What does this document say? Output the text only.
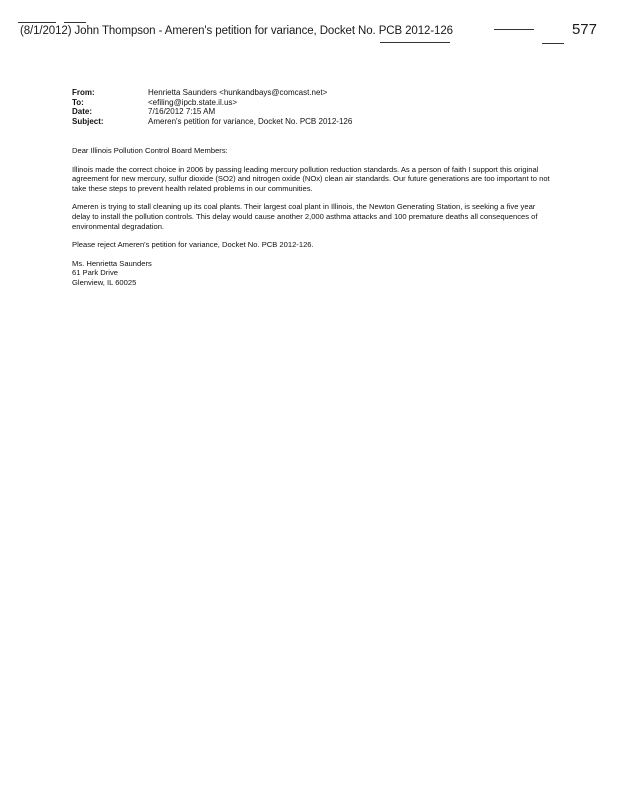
(8/1/2012) John Thompson - Ameren's petition for variance, Docket No. PCB 2012-126	577
From:	Henrietta Saunders <hunkandbays@comcast.net>
To:	<efiling@ipcb.state.il.us>
Date:	7/16/2012 7:15 AM
Subject:	Ameren's petition for variance, Docket No. PCB 2012-126

Dear Illinois Pollution Control Board Members:

Illinois made the correct choice in 2006 by passing leading mercury pollution reduction standards. As a person of faith I support this original agreement for new mercury, sulfur dioxide (SO2) and nitrogen oxide (NOx) clean air standards. Our future generations are too important to not take these steps to prevent health related problems in our communities.

Ameren is trying to stall cleaning up its coal plants. Their largest coal plant in Illinois, the Newton Generating Station, is seeking a five year delay to install the pollution controls. This delay would cause another 2,000 asthma attacks and 100 premature deaths all consequences of environmental degradation.

Please reject Ameren's petition for variance, Docket No. PCB 2012-126.

Ms. Henrietta Saunders
61 Park Drive
Glenview, IL 60025
